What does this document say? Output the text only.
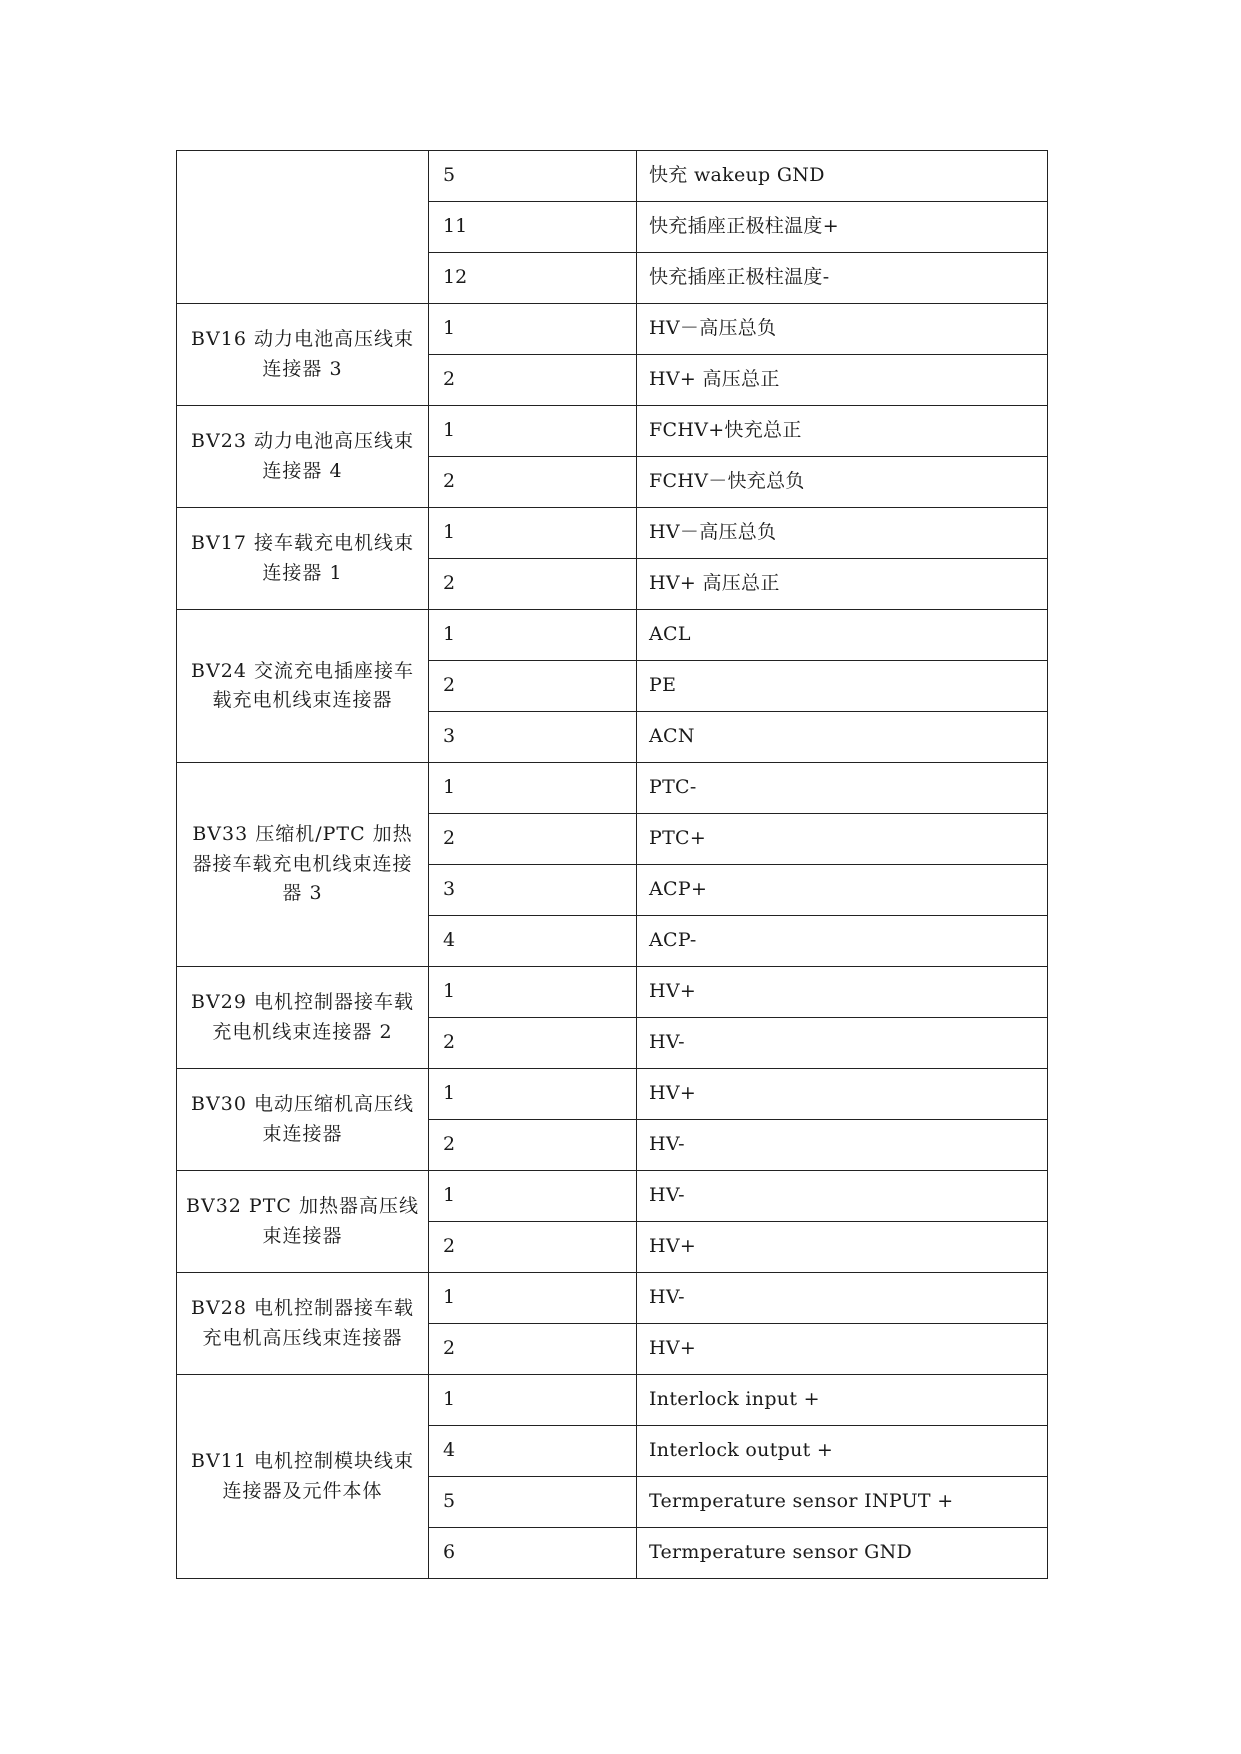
	5	快充 wakeup GND
	11	快充插座正极柱温度+
	12	快充插座正极柱温度-
BV16 动力电池高压线束连接器 3	1	HV－高压总负
	2	HV+ 高压总正
BV23 动力电池高压线束连接器 4	1	FCHV+快充总正
	2	FCHV－快充总负
BV17 接车载充电机线束连接器 1	1	HV－高压总负
	2	HV+ 高压总正
BV24 交流充电插座接车载充电机线束连接器	1	ACL
	2	PE
	3	ACN
BV33 压缩机/PTC 加热器接车载充电机线束连接器 3	1	PTC-
	2	PTC+
	3	ACP+
	4	ACP-
BV29 电机控制器接车载充电机线束连接器 2	1	HV+
	2	HV-
BV30 电动压缩机高压线束连接器	1	HV+
	2	HV-
BV32 PTC 加热器高压线束连接器	1	HV-
	2	HV+
BV28 电机控制器接车载充电机高压线束连接器	1	HV-
	2	HV+
BV11 电机控制模块线束连接器及元件本体	1	Interlock input +
	4	Interlock output +
	5	Termperature sensor INPUT +
	6	Termperature sensor GND
